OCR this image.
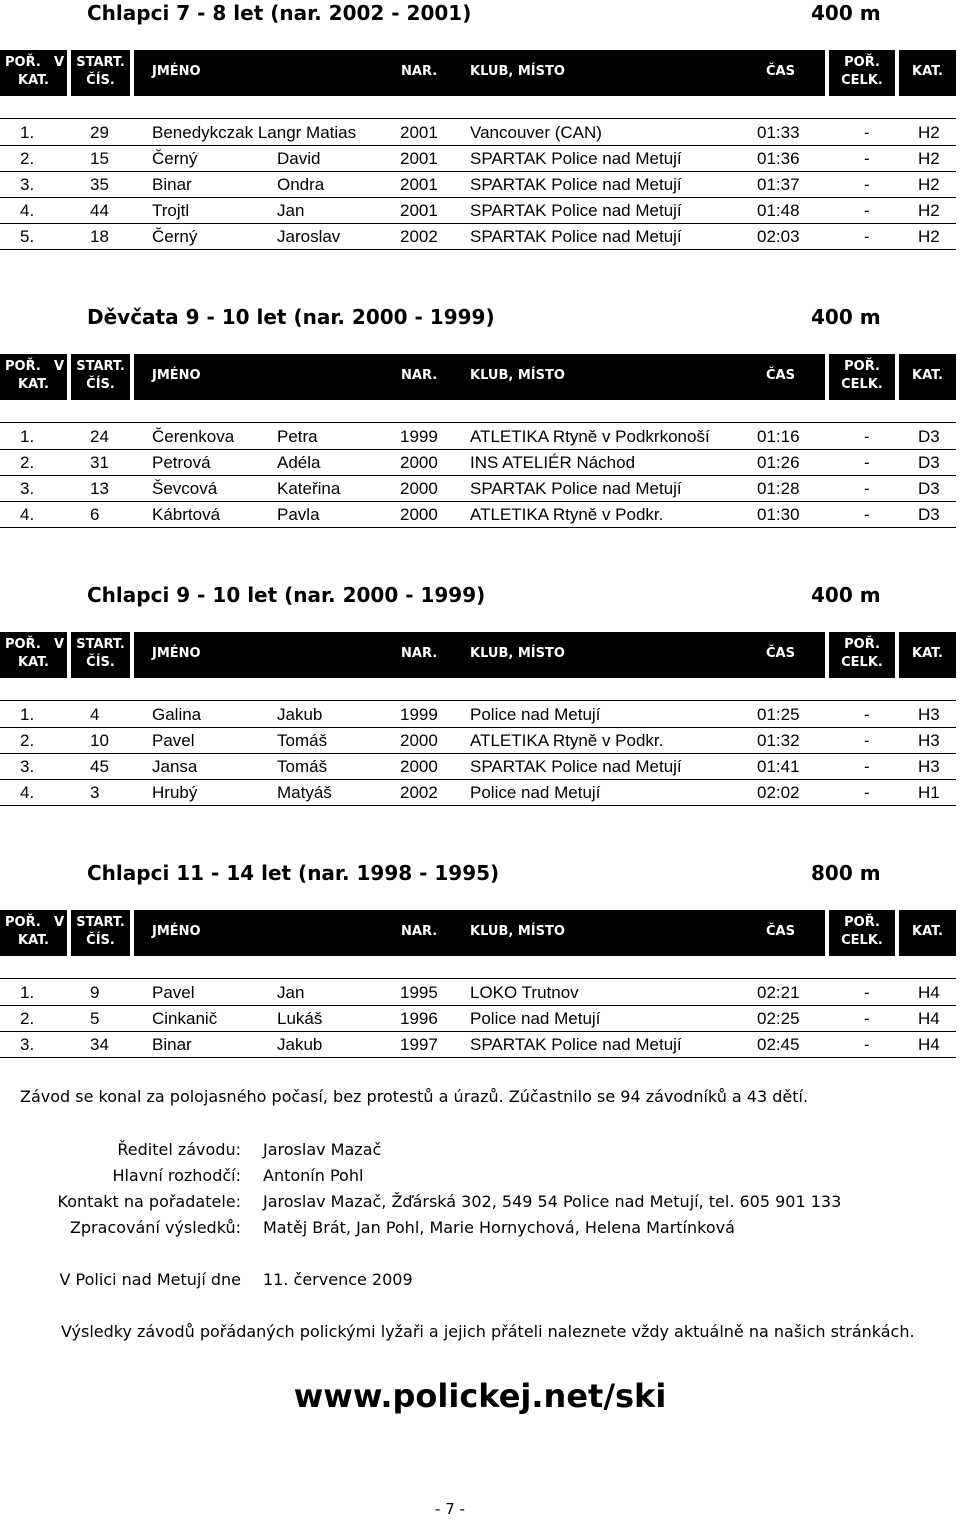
Chlapci 7 - 8 let (nar. 2002 - 2001)	400 m
POŘ. V
KAT.
START.
ČÍS.
JMÉNO	NAR.	KLUB, MÍSTO	ČAS
POŘ.
CELK.
KAT.
1.	29	Benedykczak Langr Matias	2001 Vancouver (CAN)	01:33	-	H2
2.	15	Černý	David	2001 SPARTAK Police nad Metují	01:36	-	H2
3.	35	Binar	Ondra	2001 SPARTAK Police nad Metují	01:37	-	H2
4.	44	Trojtl	Jan	2001 SPARTAK Police nad Metují	01:48	-	H2
5.	18	Černý	Jaroslav	2002 SPARTAK Police nad Metují	02:03	-	H2
Děvčata 9 - 10 let (nar. 2000 - 1999)	400 m
POŘ. V
KAT.
START.
ČÍS.
JMÉNO	NAR.	KLUB, MÍSTO	ČAS
POŘ.
CELK.
KAT.
1.	24	Čerenkova	Petra	1999 ATLETIKA Rtyně v Podkrkonoší	01:16	-	D3
2.	31	Petrová	Adéla	2000 INS ATELIÉR Náchod	01:26	-	D3
3.	13	Ševcová	Kateřina	2000 SPARTAK Police nad Metují	01:28	-	D3
4.	6	Kábrtová	Pavla	2000 ATLETIKA Rtyně v Podkr.	01:30	-	D3
Chlapci 9 - 10 let (nar. 2000 - 1999)	400 m
POŘ. V
KAT.
START.
ČÍS.
JMÉNO	NAR.	KLUB, MÍSTO	ČAS
POŘ.
CELK.
KAT.
1.	4	Galina	Jakub	1999 Police nad Metují	01:25	-	H3
2.	10	Pavel	Tomáš	2000 ATLETIKA Rtyně v Podkr.	01:32	-	H3
3.	45	Jansa	Tomáš	2000 SPARTAK Police nad Metují	01:41	-	H3
4.	3	Hrubý	Matyáš	2002 Police nad Metují	02:02	-	H1
Chlapci 11 - 14 let (nar. 1998 - 1995)	800 m
POŘ. V
KAT.
START.
ČÍS.
JMÉNO	NAR.	KLUB, MÍSTO	ČAS
POŘ.
CELK.
KAT.
1.	9	Pavel	Jan	1995 LOKO Trutnov	02:21	-	H4
2.	5	Cinkanič	Lukáš	1996 Police nad Metují	02:25	-	H4
3.	34	Binar	Jakub	1997 SPARTAK Police nad Metují	02:45	-	H4
Závod se konal za polojasného počasí, bez protestů a úrazů. Zúčastnilo se 94 závodníků a 43 dětí.
Ředitel závodu: Jaroslav Mazač
Hlavní rozhodčí: Antonín Pohl
Kontakt na pořadatele: Jaroslav Mazač, Žďárská 302, 549 54 Police nad Metují, tel. 605 901 133
Zpracování výsledků: Matěj Brát, Jan Pohl, Marie Hornychová, Helena Martínková
V Polici nad Metují dne 11. července 2009
Výsledky závodů pořádaných polickými lyžaři a jejich přáteli naleznete vždy aktuálně na našich stránkách.
www.polickej.net/ski
- 7 -
